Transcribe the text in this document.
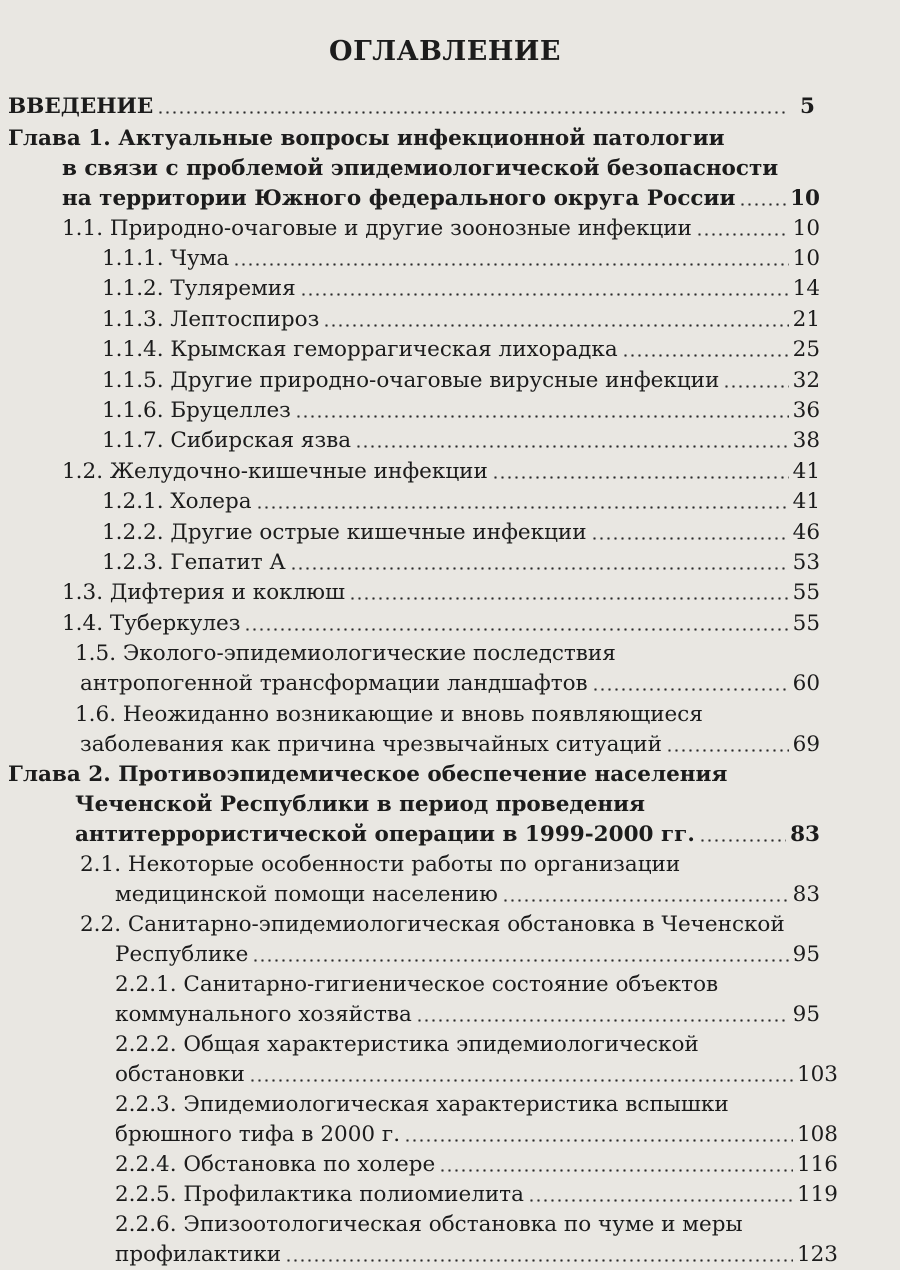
ОГЛАВЛЕНИЕ
ВВЕДЕНИЕ	5
Глава 1. Актуальные вопросы инфекционной патологии
в связи с проблемой эпидемиологической безопасности
на территории Южного федерального округа России	10
1.1. Природно-очаговые и другие зоонозные инфекции	10
1.1.1. Чума	10
1.1.2. Туляремия	14
1.1.3. Лептоспироз	21
1.1.4. Крымская геморрагическая лихорадка	25
1.1.5. Другие природно-очаговые вирусные инфекции	32
1.1.6. Бруцеллез	36
1.1.7. Сибирская язва	38
1.2. Желудочно-кишечные инфекции	41
1.2.1. Холера	41
1.2.2. Другие острые кишечные инфекции	46
1.2.3. Гепатит А	53
1.3. Дифтерия и коклюш	55
1.4. Туберкулез	55
1.5. Эколого-эпидемиологические последствия
антропогенной трансформации ландшафтов	60
1.6. Неожиданно возникающие и вновь появляющиеся
заболевания как причина чрезвычайных ситуаций	69
Глава 2. Противоэпидемическое обеспечение населения
Чеченской Республики в период проведения
антитеррористической операции в 1999-2000 гг.	83
2.1. Некоторые особенности работы по организации
медицинской помощи населению	83
2.2. Санитарно-эпидемиологическая обстановка в Чеченской
Республике	95
2.2.1. Санитарно-гигиеническое состояние объектов
коммунального хозяйства	95
2.2.2. Общая характеристика эпидемиологической
обстановки	103
2.2.3. Эпидемиологическая характеристика вспышки
брюшного тифа в 2000 г.	108
2.2.4. Обстановка по холере	116
2.2.5. Профилактика полиомиелита	119
2.2.6. Эпизоотологическая обстановка по чуме и меры
профилактики	123
